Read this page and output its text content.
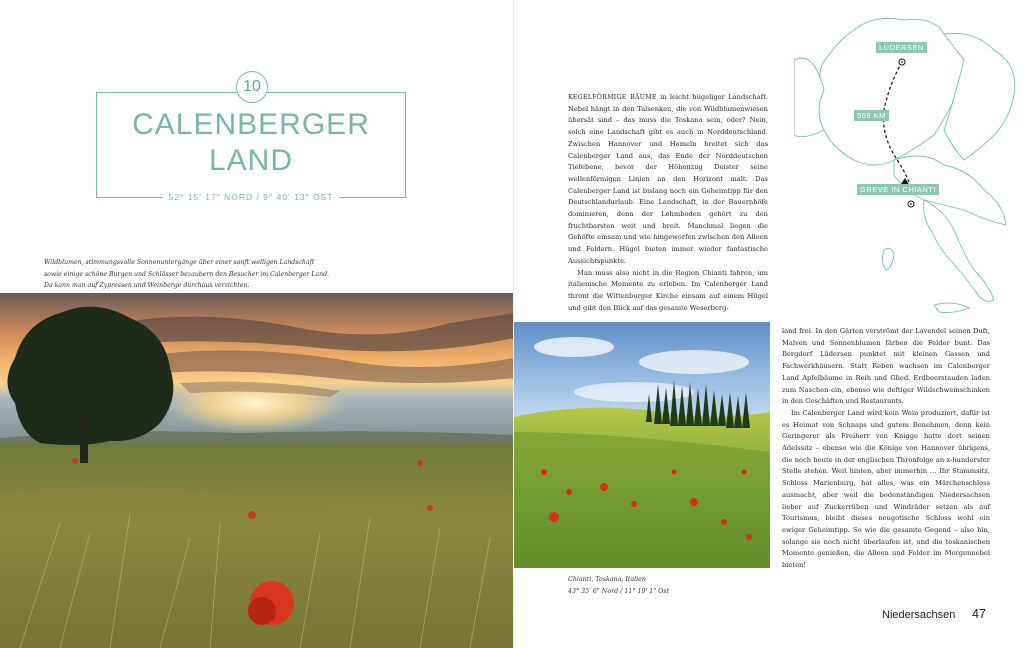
10
CALENBERGER
LAND
52° 15' 17" NORD / 9° 40' 13" OST
Wildblumen, stimmungsvolle Sonnenuntergänge über einer sanft welligen Landschaft
sowie einige schöne Burgen und Schlösser bezaubern den Besucher im Calenberger Land.
Da kann man auf Zypressen und Weinberge durchaus verzichten.

KEGELFÖRMIGE BÄUME in leicht hügeliger Landschaft. Nebel hängt in den Talsenken, die von Wildblumenwiesen übersät sind – das muss die Toskana sein, oder? Nein, solch eine Landschaft gibt es auch in Norddeutschland. Zwischen Hannover und Hameln breitet sich das Calenberger Land aus, das Ende der Norddeutschen Tiefebene, bevor der Höhenzug Deister seine wellenförmigen Linien an den Horizont malt. Das Calenberger Land ist bislang noch ein Geheimtipp für den Deutschlandurlaub. Eine Landschaft, in der Bauernhöfe dominieren, denn der Lehmboden gehört zu den fruchtbarsten weit und breit. Manchmal liegen die Gehöfte einsam und wie hingeworfen zwischen den Alleen und Feldern. Hügel bieten immer wieder fantastische Aussichtspunkte.

Man muss also nicht in die Region Chianti fahren, um italienische Momente zu erleben. Im Calenberger Land thront die Wittenburger Kirche einsam auf einem Hügel und gibt den Blick auf das gesamte Weserberg-

LÜDERSEN
969 KM
GREVE IN CHIANTI
Chianti, Toskana, Italien
43° 35' 6" Nord / 11° 19' 1" Ost

land frei. In den Gärten verströmt der Lavendel seinen Duft, Malven und Sonnenblumen färben die Felder bunt. Das Bergdorf Lüdersen punktet mit kleinen Gassen und Fachwerkhäusern. Statt Reben wachsen im Calenberger Land Apfelbäume in Reih und Glied. Erdbeerstauden laden zum Naschen ein, ebenso wie deftiger Wildschweinschinken in den Geschäften und Restaurants.

Im Calenberger Land wird kein Wein produziert, dafür ist es Heimat von Schnaps und gutem Benehmen, denn kein Geringerer als Freiherr von Knigge hatte dort seinen Adelssitz – ebenso wie die Könige von Hannover übrigens, die noch heute in der englischen Thronfolge an x-hunderster Stelle stehen. Weit hinten, aber immerhin … Ihr Stammsitz, Schloss Marienburg, hat alles, was ein Märchenschloss ausmacht, aber weil die bodenständigen Niedersachsen lieber auf Zuckerrüben und Windräder setzen als auf Tourismus, bleibt dieses neugotische Schloss wohl ein ewiger Geheimtipp. So wie die gesamte Gegend – also hin, solange sie noch nicht überlaufen ist, und die toskanischen Momente genießen, die Alleen und Felder im Morgennebel bieten!

Niedersachsen 47
